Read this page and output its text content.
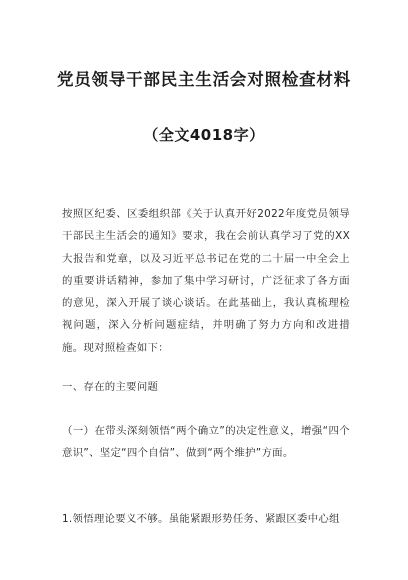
党员领导干部民主生活会对照检查材料
（全文4018字）

按照区纪委、区委组织部《关于认真开好2022年度党员领导干部民主生活会的通知》要求，我在会前认真学习了党的XX大报告和党章，以及习近平总书记在党的二十届一中全会上的重要讲话精神，参加了集中学习研讨，广泛征求了各方面的意见，深入开展了谈心谈话。在此基础上，我认真梳理检视问题，深入分析问题症结，并明确了努力方向和改进措施。现对照检查如下：

一、存在的主要问题

（一）在带头深刻领悟“两个确立”的决定性意义，增强“四个意识”、坚定“四个自信”、做到“两个维护”方面。

1.领悟理论要义不够。虽能紧跟形势任务、紧跟区委中心组
